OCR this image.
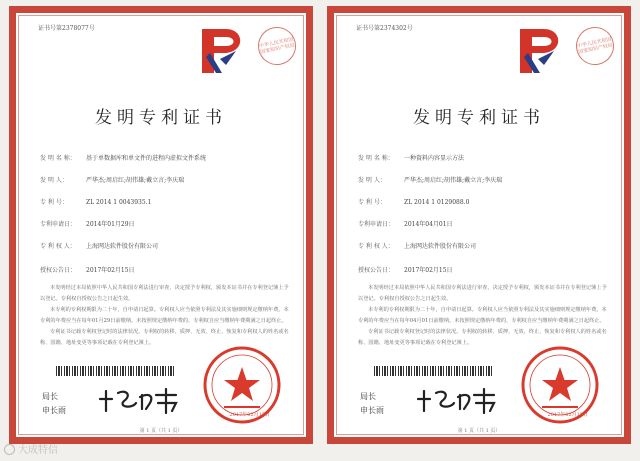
证书号第2378077号
中华人民共和国国家知识产权局
发明专利证书
发 明 名 称： 基于单数据库和单文件的进程内虚拟文件系统
发 明 人：	严华杰;周启红;胡伟雄;戴立言;李庆瑞
专 利 号：	ZL 2014 1 0043935.1
专利申请日： 2014年01月29日
专 利 权 人： 上海网达软件股份有限公司
授权公告日： 2017年02月15日

本发明经过本局依照中华人民共和国专利法进行审查，决定授予专利权，颁发本证书并在专利登记簿上予以登记。专利权自授权公告之日起生效。

本专利的专利权期限为二十年，自申请日起算。专利权人应当依照专利法及其实施细则规定缴纳年费。本专利的年费应当在每年01月29日前缴纳。未按照规定缴纳年费的，专利权自应当缴纳年费期满之日起终止。

专利证书记载专利权登记时的法律状况。专利权的转移、质押、无效、终止、恢复和专利权人的姓名或名称、国籍、地址变更等事项记载在专利登记簿上。

局长
申长雨	2017年02月15日
第 1 页（共 1 页）
证书号第2374302号
中华人民共和国国家知识产权局
发明专利证书
发 明 名 称： 一种資料内容显示方法
发 明 人：	严华杰;周启红;胡伟雄;戴立言;李庆瑞
专 利 号：	ZL 2014 1 0129088.0
专利申请日： 2014年04月01日
专 利 权 人： 上海网达软件股份有限公司
授权公告日： 2017年02月15日

本发明经过本局依照中华人民共和国专利法进行审查，决定授予专利权，颁发本证书并在专利登记簿上予以登记。专利权自授权公告之日起生效。

本专利的专利权期限为二十年，自申请日起算。专利权人应当依照专利法及其实施细则规定缴纳年费。本专利的年费应当在每年04月01日前缴纳。未按照规定缴纳年费的，专利权自应当缴纳年费期满之日起终止。

专利证书记载专利权登记时的法律状况。专利权的转移、质押、无效、终止、恢复和专利权人的姓名或名称、国籍、地址变更等事项记载在专利登记簿上。

局长
申长雨	2017年02月15日
第 1 页（共 1 页）
大成特信
